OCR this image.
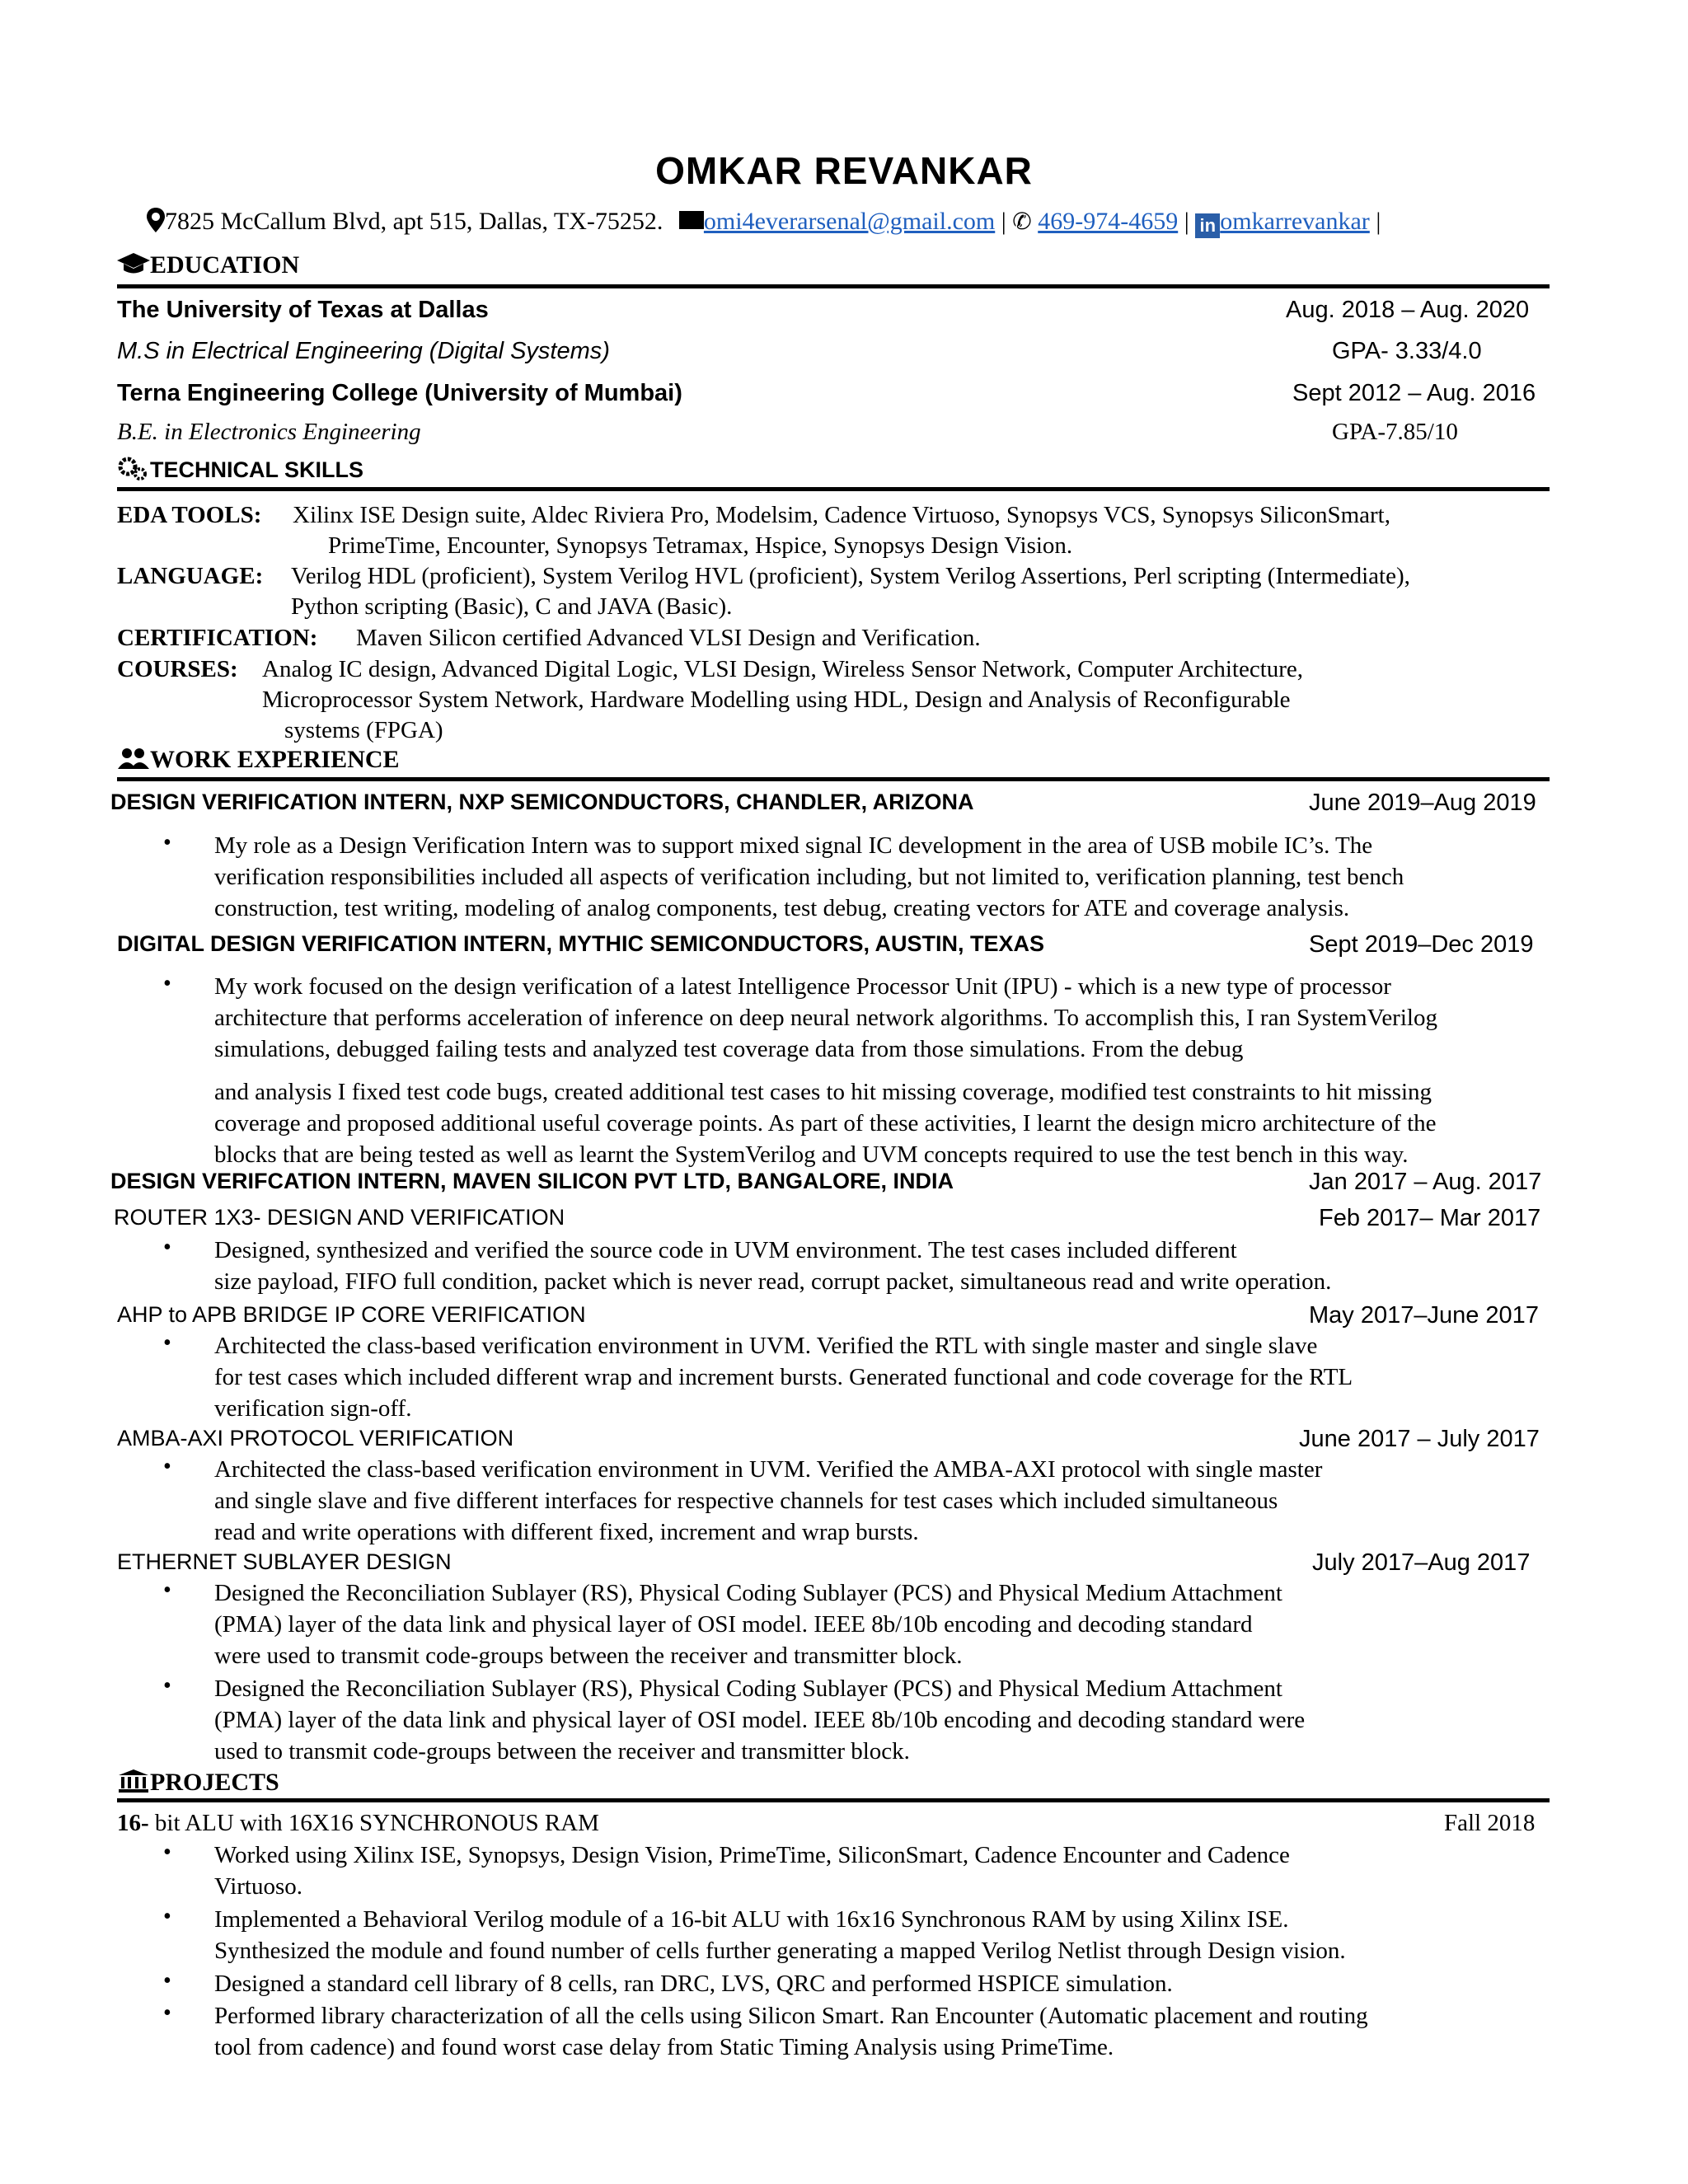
OMKAR REVANKAR
7825 McCallum Blvd, apt 515, Dallas, TX-75252. omi4everarsenal@gmail.com | ✆ 469-974-4659 | in omkarrevankar |
EDUCATION
The University of Texas at Dallas	Aug. 2018 – Aug. 2020
M.S in Electrical Engineering (Digital Systems)	GPA- 3.33/4.0
Terna Engineering College (University of Mumbai)	Sept 2012 – Aug. 2016
B.E. in Electronics Engineering	GPA-7.85/10
TECHNICAL SKILLS
EDA TOOLS: Xilinx ISE Design suite, Aldec Riviera Pro, Modelsim, Cadence Virtuoso, Synopsys VCS, Synopsys SiliconSmart,
PrimeTime, Encounter, Synopsys Tetramax, Hspice, Synopsys Design Vision.
LANGUAGE: Verilog HDL (proficient), System Verilog HVL (proficient), System Verilog Assertions, Perl scripting (Intermediate),
Python scripting (Basic), C and JAVA (Basic).
CERTIFICATION: Maven Silicon certified Advanced VLSI Design and Verification.
COURSES: Analog IC design, Advanced Digital Logic, VLSI Design, Wireless Sensor Network, Computer Architecture,
Microprocessor System Network, Hardware Modelling using HDL, Design and Analysis of Reconfigurable
systems (FPGA)
WORK EXPERIENCE
DESIGN VERIFICATION INTERN, NXP SEMICONDUCTORS, CHANDLER, ARIZONA	June 2019–Aug 2019
• My role as a Design Verification Intern was to support mixed signal IC development in the area of USB mobile IC’s. The
verification responsibilities included all aspects of verification including, but not limited to, verification planning, test bench
construction, test writing, modeling of analog components, test debug, creating vectors for ATE and coverage analysis.
DIGITAL DESIGN VERIFICATION INTERN, MYTHIC SEMICONDUCTORS, AUSTIN, TEXAS	Sept 2019–Dec 2019
• My work focused on the design verification of a latest Intelligence Processor Unit (IPU) - which is a new type of processor
architecture that performs acceleration of inference on deep neural network algorithms. To accomplish this, I ran SystemVerilog
simulations, debugged failing tests and analyzed test coverage data from those simulations. From the debug
and analysis I fixed test code bugs, created additional test cases to hit missing coverage, modified test constraints to hit missing
coverage and proposed additional useful coverage points. As part of these activities, I learnt the design micro architecture of the
blocks that are being tested as well as learnt the SystemVerilog and UVM concepts required to use the test bench in this way.
DESIGN VERIFCATION INTERN, MAVEN SILICON PVT LTD, BANGALORE, INDIA	Jan 2017 – Aug. 2017
ROUTER 1X3- DESIGN AND VERIFICATION	Feb 2017– Mar 2017
• Designed, synthesized and verified the source code in UVM environment. The test cases included different
size payload, FIFO full condition, packet which is never read, corrupt packet, simultaneous read and write operation.
AHP to APB BRIDGE IP CORE VERIFICATION	May 2017–June 2017
• Architected the class-based verification environment in UVM. Verified the RTL with single master and single slave
for test cases which included different wrap and increment bursts. Generated functional and code coverage for the RTL
verification sign-off.
AMBA-AXI PROTOCOL VERIFICATION	June 2017 – July 2017
• Architected the class-based verification environment in UVM. Verified the AMBA-AXI protocol with single master
and single slave and five different interfaces for respective channels for test cases which included simultaneous
read and write operations with different fixed, increment and wrap bursts.
ETHERNET SUBLAYER DESIGN	July 2017–Aug 2017
• Designed the Reconciliation Sublayer (RS), Physical Coding Sublayer (PCS) and Physical Medium Attachment
(PMA) layer of the data link and physical layer of OSI model. IEEE 8b/10b encoding and decoding standard
were used to transmit code-groups between the receiver and transmitter block.
• Designed the Reconciliation Sublayer (RS), Physical Coding Sublayer (PCS) and Physical Medium Attachment
(PMA) layer of the data link and physical layer of OSI model. IEEE 8b/10b encoding and decoding standard were
used to transmit code-groups between the receiver and transmitter block.
PROJECTS
16- bit ALU with 16X16 SYNCHRONOUS RAM	Fall 2018
• Worked using Xilinx ISE, Synopsys, Design Vision, PrimeTime, SiliconSmart, Cadence Encounter and Cadence
Virtuoso.
• Implemented a Behavioral Verilog module of a 16-bit ALU with 16x16 Synchronous RAM by using Xilinx ISE.
Synthesized the module and found number of cells further generating a mapped Verilog Netlist through Design vision.
• Designed a standard cell library of 8 cells, ran DRC, LVS, QRC and performed HSPICE simulation.
• Performed library characterization of all the cells using Silicon Smart. Ran Encounter (Automatic placement and routing
tool from cadence) and found worst case delay from Static Timing Analysis using PrimeTime.
